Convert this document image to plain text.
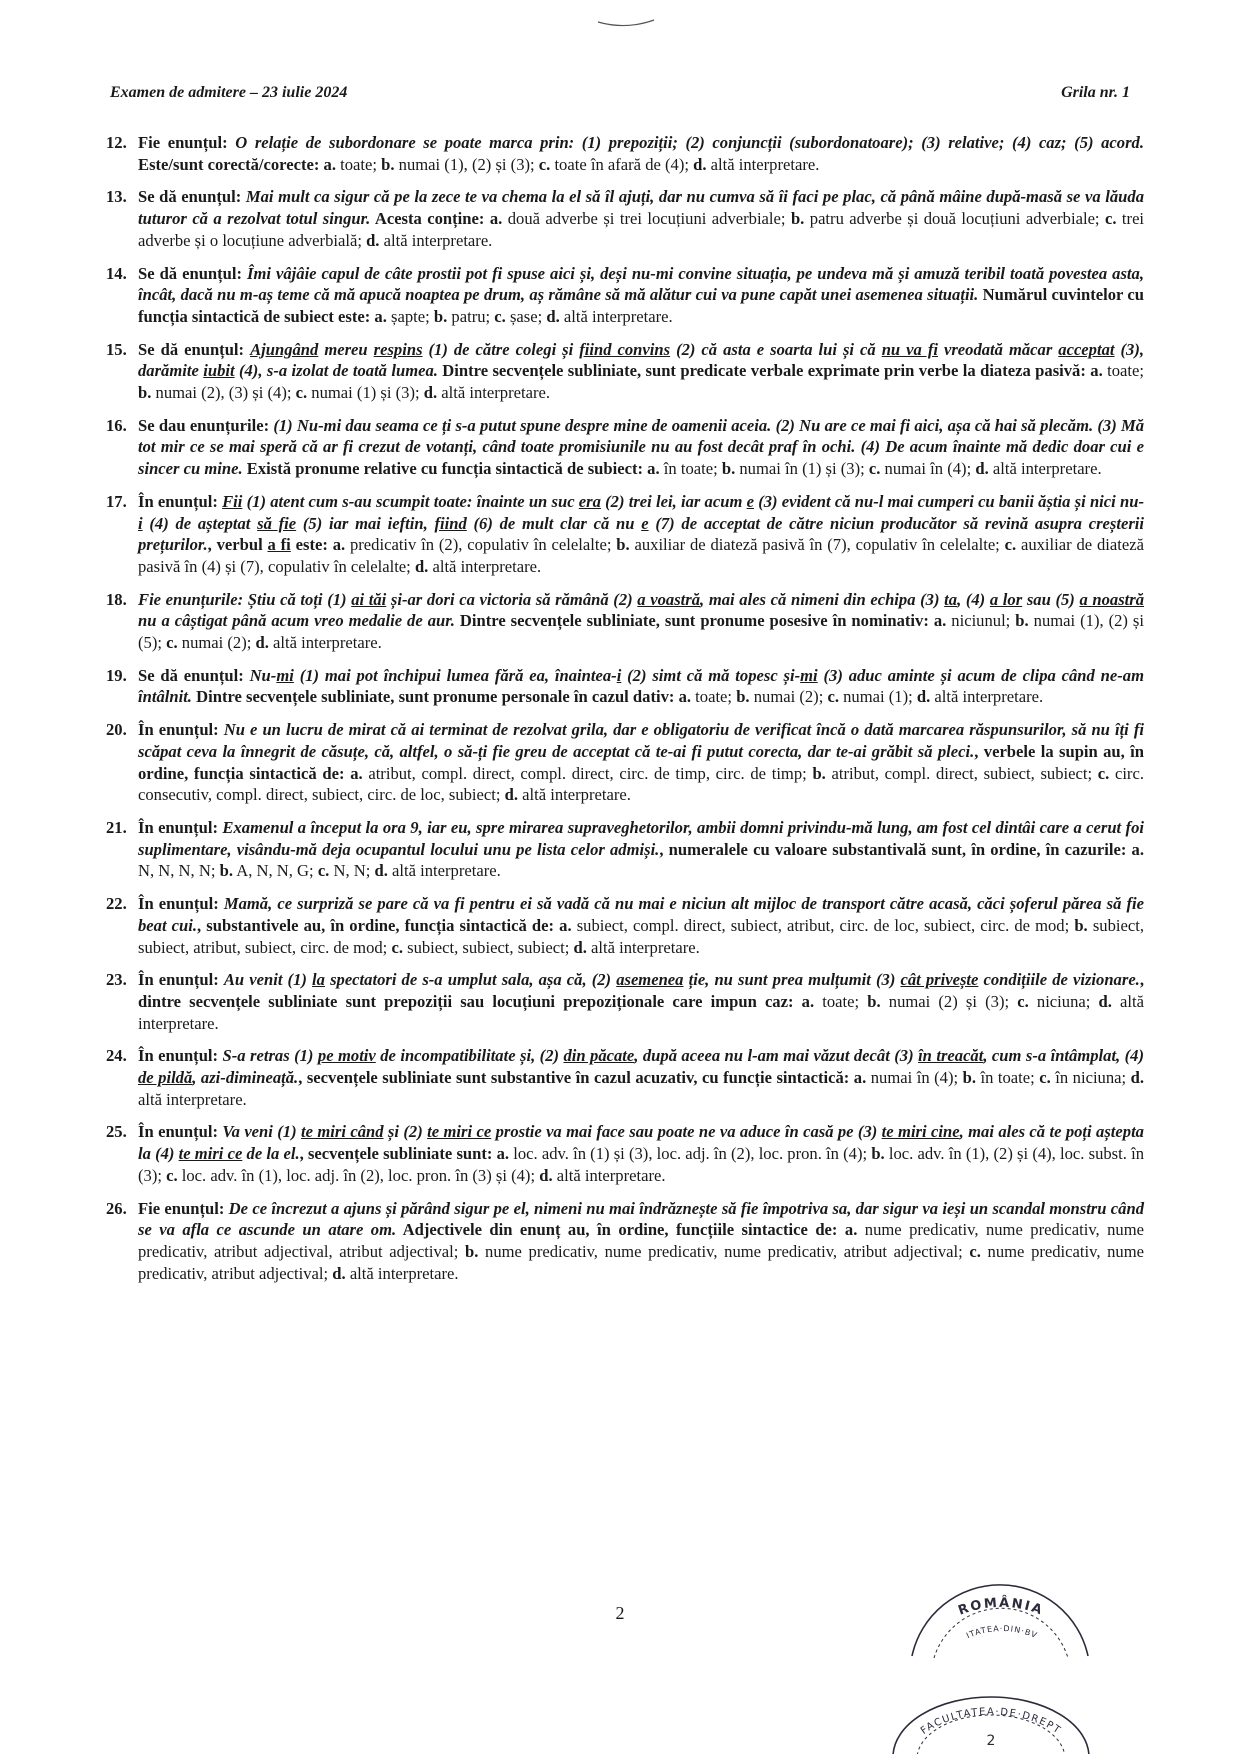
Examen de admitere – 23 iulie 2024	Grila nr. 1
12. Fie enunțul: O relație de subordonare se poate marca prin: (1) prepoziții; (2) conjuncții (subordonatoare); (3) relative; (4) caz; (5) acord. Este/sunt corectă/corecte: a. toate; b. numai (1), (2) și (3); c. toate în afară de (4); d. altă interpretare.
13. Se dă enunțul: Mai mult ca sigur că pe la zece te va chema la el să îl ajuți, dar nu cumva să îi faci pe plac, că până mâine după-masă se va lăuda tuturor că a rezolvat totul singur. Acesta conține: a. două adverbe și trei locuțiuni adverbiale; b. patru adverbe și două locuțiuni adverbiale; c. trei adverbe și o locuțiune adverbială; d. altă interpretare.
14. Se dă enunțul: Îmi vâjâie capul de câte prostii pot fi spuse aici și, deși nu-mi convine situația, pe undeva mă și amuză teribil toată povestea asta, încât, dacă nu m-aș teme că mă apucă noaptea pe drum, aș rămâne să mă alătur cui va pune capăt unei asemenea situații. Numărul cuvintelor cu funcția sintactică de subiect este: a. șapte; b. patru; c. șase; d. altă interpretare.
15. Se dă enunțul: Ajungând mereu respins (1) de către colegi și fiind convins (2) că asta e soarta lui și că nu va fi vreodată măcar acceptat (3), darămite iubit (4), s-a izolat de toată lumea. Dintre secvențele subliniate, sunt predicate verbale exprimate prin verbe la diateza pasivă: a. toate; b. numai (2), (3) și (4); c. numai (1) și (3); d. altă interpretare.
16. Se dau enunțurile: (1) Nu-mi dau seama ce ți s-a putut spune despre mine de oamenii aceia. (2) Nu are ce mai fi aici, așa că hai să plecăm. (3) Mă tot mir ce se mai speră că ar fi crezut de votanți, când toate promisiunile nu au fost decât praf în ochi. (4) De acum înainte mă dedic doar cui e sincer cu mine. Există pronume relative cu funcția sintactică de subiect: a. în toate; b. numai în (1) și (3); c. numai în (4); d. altă interpretare.
17. În enunțul: Fii (1) atent cum s-au scumpit toate: înainte un suc era (2) trei lei, iar acum e (3) evident că nu-l mai cumperi cu banii ăștia și nici nu-i (4) de așteptat să fie (5) iar mai ieftin, fiind (6) de mult clar că nu e (7) de acceptat de către niciun producător să revină asupra creșterii prețurilor., verbul a fi este: a. predicativ în (2), copulativ în celelalte; b. auxiliar de diateză pasivă în (7), copulativ în celelalte; c. auxiliar de diateză pasivă în (4) și (7), copulativ în celelalte; d. altă interpretare.
18. Fie enunțurile: Știu că toți (1) ai tăi și-ar dori ca victoria să rămână (2) a voastră, mai ales că nimeni din echipa (3) ta, (4) a lor sau (5) a noastră nu a câștigat până acum vreo medalie de aur. Dintre secvențele subliniate, sunt pronume posesive în nominativ: a. niciunul; b. numai (1), (2) și (5); c. numai (2); d. altă interpretare.
19. Se dă enunțul: Nu-mi (1) mai pot închipui lumea fără ea, înaintea-i (2) simt că mă topesc și-mi (3) aduc aminte și acum de clipa când ne-am întâlnit. Dintre secvențele subliniate, sunt pronume personale în cazul dativ: a. toate; b. numai (2); c. numai (1); d. altă interpretare.
20. În enunțul: Nu e un lucru de mirat că ai terminat de rezolvat grila, dar e obligatoriu de verificat încă o dată marcarea răspunsurilor, să nu îți fi scăpat ceva la înnegrit de căsuțe, că, altfel, o să-ți fie greu de acceptat că te-ai fi putut corecta, dar te-ai grăbit să pleci., verbele la supin au, în ordine, funcția sintactică de: a. atribut, compl. direct, compl. direct, circ. de timp, circ. de timp; b. atribut, compl. direct, subiect, subiect; c. circ. consecutiv, compl. direct, subiect, circ. de loc, subiect; d. altă interpretare.
21. În enunțul: Examenul a început la ora 9, iar eu, spre mirarea supraveghetorilor, ambii domni privindu-mă lung, am fost cel dintâi care a cerut foi suplimentare, visându-mă deja ocupantul locului unu pe lista celor admiși., numeralele cu valoare substantivală sunt, în ordine, în cazurile: a. N, N, N, N; b. A, N, N, G; c. N, N; d. altă interpretare.
22. În enunțul: Mamă, ce surpriză se pare că va fi pentru ei să vadă că nu mai e niciun alt mijloc de transport către acasă, căci șoferul părea să fie beat cui., substantivele au, în ordine, funcția sintactică de: a. subiect, compl. direct, subiect, atribut, circ. de loc, subiect, circ. de mod; b. subiect, subiect, atribut, subiect, circ. de mod; c. subiect, subiect, subiect; d. altă interpretare.
23. În enunțul: Au venit (1) la spectatori de s-a umplut sala, așa că, (2) asemenea ție, nu sunt prea mulțumit (3) cât privește condițiile de vizionare., dintre secvențele subliniate sunt prepoziții sau locuțiuni prepoziționale care impun caz: a. toate; b. numai (2) și (3); c. niciuna; d. altă interpretare.
24. În enunțul: S-a retras (1) pe motiv de incompatibilitate și, (2) din păcate, după aceea nu l-am mai văzut decât (3) în treacăt, cum s-a întâmplat, (4) de pildă, azi-dimineață., secvențele subliniate sunt substantive în cazul acuzativ, cu funcție sintactică: a. numai în (4); b. în toate; c. în niciuna; d. altă interpretare.
25. În enunțul: Va veni (1) te miri când și (2) te miri ce prostie va mai face sau poate ne va aduce în casă pe (3) te miri cine, mai ales că te poți aștepta la (4) te miri ce de la el., secvențele subliniate sunt: a. loc. adv. în (1) și (3), loc. adj. în (2), loc. pron. în (4); b. loc. adv. în (1), (2) și (4), loc. subst. în (3); c. loc. adv. în (1), loc. adj. în (2), loc. pron. în (3) și (4); d. altă interpretare.
26. Fie enunțul: De ce încrezut a ajuns și părând sigur pe el, nimeni nu mai îndrăznește să fie împotriva sa, dar sigur va ieși un scandal monstru când se va afla ce ascunde un atare om. Adjectivele din enunț au, în ordine, funcțiile sintactice de: a. nume predicativ, nume predicativ, nume predicativ, atribut adjectival, atribut adjectival; b. nume predicativ, nume predicativ, nume predicativ, atribut adjectival; c. nume predicativ, nume predicativ, atribut adjectival; d. altă interpretare.
2	ROMÂNIA
ITATEA·DIN·BV
FACULTATEA·DE·DREPT
2
